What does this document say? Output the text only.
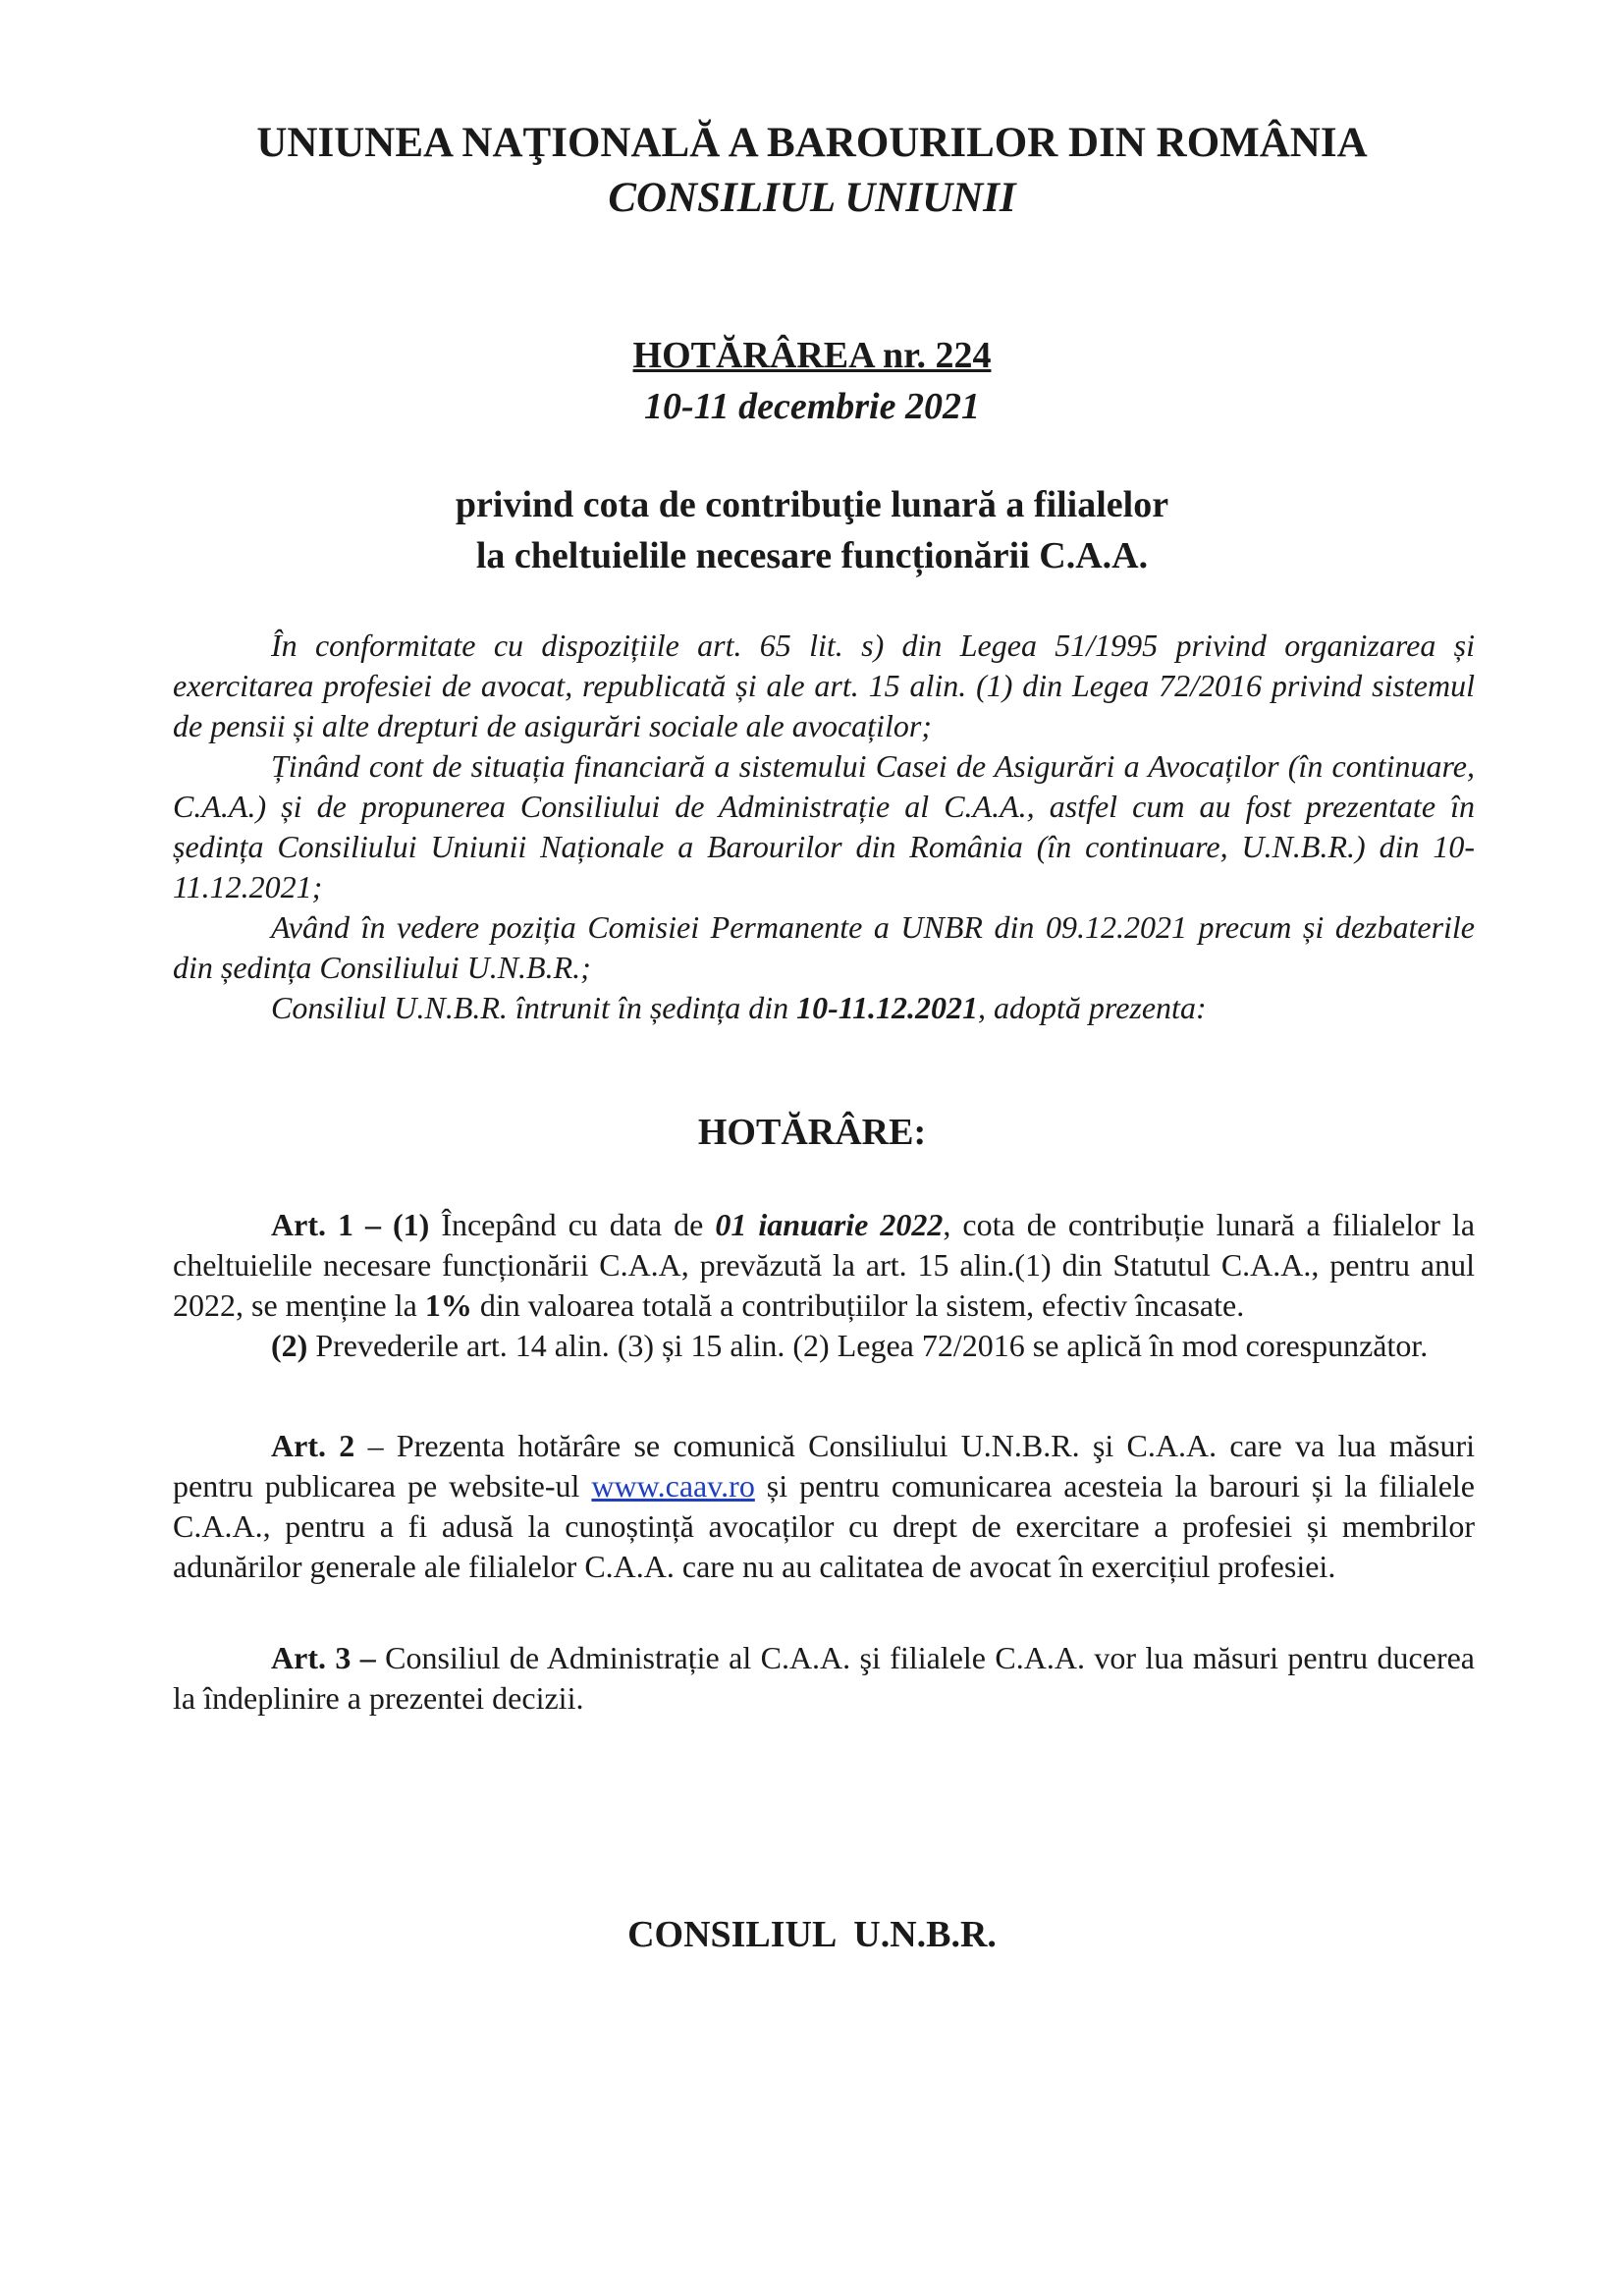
UNIUNEA NAŢIONALĂ A BAROURILOR DIN ROMÂNIA
CONSILIUL UNIUNII
HOTĂRÂREA nr. 224
10-11 decembrie 2021
privind cota de contribuţie lunară a filialelor
la cheltuielile necesare funcționării C.A.A.

În conformitate cu dispozițiile art. 65 lit. s) din Legea 51/1995 privind organizarea și exercitarea profesiei de avocat, republicată și ale art. 15 alin. (1) din Legea 72/2016 privind sistemul de pensii și alte drepturi de asigurări sociale ale avocaților;

Ținând cont de situația financiară a sistemului Casei de Asigurări a Avocaților (în continuare, C.A.A.) și de propunerea Consiliului de Administrație al C.A.A., astfel cum au fost prezentate în ședința Consiliului Uniunii Naționale a Barourilor din România (în continuare, U.N.B.R.) din 10-11.12.2021;

Având în vedere poziția Comisiei Permanente a UNBR din 09.12.2021 precum și dezbaterile din ședința Consiliului U.N.B.R.;

Consiliul U.N.B.R. întrunit în ședința din 10-11.12.2021, adoptă prezenta:

HOTĂRÂRE:

Art. 1 – (1) Începând cu data de 01 ianuarie 2022, cota de contribuție lunară a filialelor la cheltuielile necesare funcționării C.A.A, prevăzută la art. 15 alin.(1) din Statutul C.A.A., pentru anul 2022, se menține la 1% din valoarea totală a contribuțiilor la sistem, efectiv încasate.

(2) Prevederile art. 14 alin. (3) și 15 alin. (2) Legea 72/2016 se aplică în mod corespunzător.

Art. 2 – Prezenta hotărâre se comunică Consiliului U.N.B.R. şi C.A.A. care va lua măsuri pentru publicarea pe website-ul www.caav.ro și pentru comunicarea acesteia la barouri și la filialele C.A.A., pentru a fi adusă la cunoștință avocaților cu drept de exercitare a profesiei și membrilor adunărilor generale ale filialelor C.A.A. care nu au calitatea de avocat în exercițiul profesiei.

Art. 3 – Consiliul de Administrație al C.A.A. şi filialele C.A.A. vor lua măsuri pentru ducerea la îndeplinire a prezentei decizii.

CONSILIUL  U.N.B.R.
